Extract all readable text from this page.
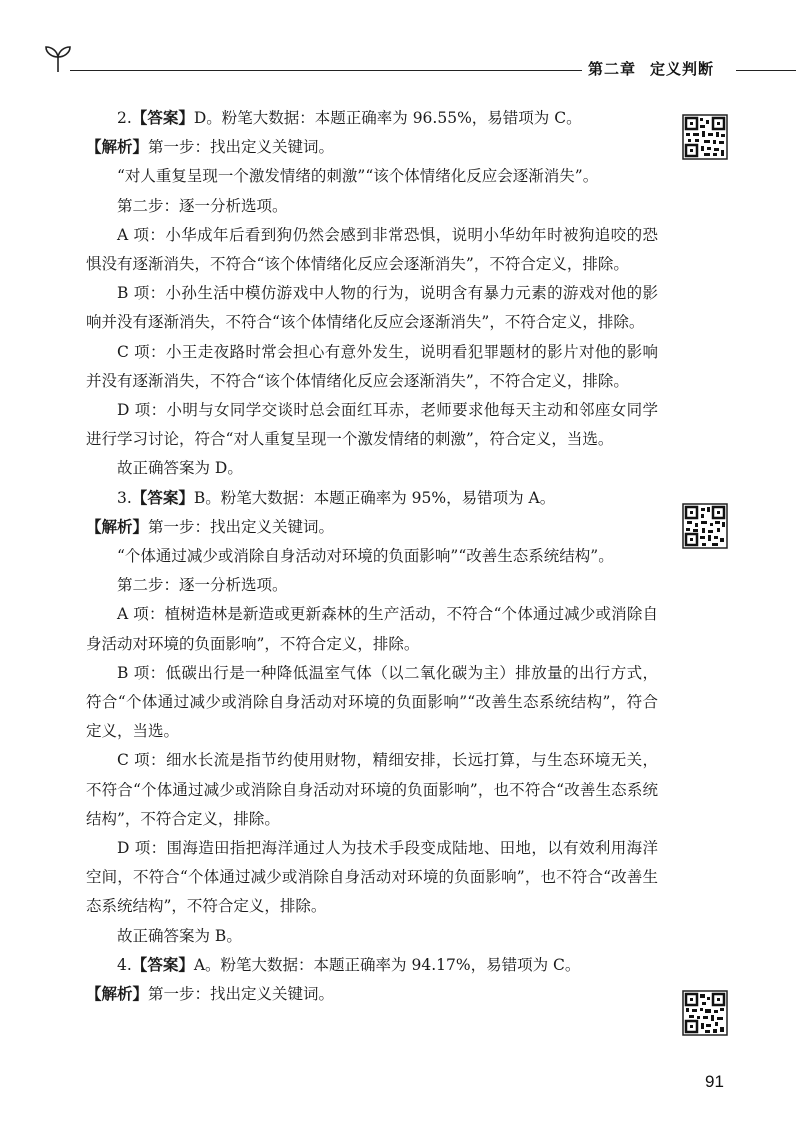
第二章 定义判断

2.【答案】D。粉笔大数据：本题正确率为 96.55%，易错项为 C。

【解析】第一步：找出定义关键词。

“对人重复呈现一个激发情绪的刺激”“该个体情绪化反应会逐渐消失”。

第二步：逐一分析选项。

A 项：小华成年后看到狗仍然会感到非常恐惧，说明小华幼年时被狗追咬的恐惧没有逐渐消失，不符合“该个体情绪化反应会逐渐消失”，不符合定义，排除。

B 项：小孙生活中模仿游戏中人物的行为，说明含有暴力元素的游戏对他的影响并没有逐渐消失，不符合“该个体情绪化反应会逐渐消失”，不符合定义，排除。

C 项：小王走夜路时常会担心有意外发生，说明看犯罪题材的影片对他的影响并没有逐渐消失，不符合“该个体情绪化反应会逐渐消失”，不符合定义，排除。

D 项：小明与女同学交谈时总会面红耳赤，老师要求他每天主动和邻座女同学进行学习讨论，符合“对人重复呈现一个激发情绪的刺激”，符合定义，当选。

故正确答案为 D。

3.【答案】B。粉笔大数据：本题正确率为 95%，易错项为 A。

【解析】第一步：找出定义关键词。

“个体通过减少或消除自身活动对环境的负面影响”“改善生态系统结构”。

第二步：逐一分析选项。

A 项：植树造林是新造或更新森林的生产活动，不符合“个体通过减少或消除自身活动对环境的负面影响”，不符合定义，排除。

B 项：低碳出行是一种降低温室气体（以二氧化碳为主）排放量的出行方式，符合“个体通过减少或消除自身活动对环境的负面影响”“改善生态系统结构”，符合定义，当选。

C 项：细水长流是指节约使用财物，精细安排，长远打算，与生态环境无关，不符合“个体通过减少或消除自身活动对环境的负面影响”，也不符合“改善生态系统结构”，不符合定义，排除。

D 项：围海造田指把海洋通过人为技术手段变成陆地、田地，以有效利用海洋空间，不符合“个体通过减少或消除自身活动对环境的负面影响”，也不符合“改善生态系统结构”，不符合定义，排除。

故正确答案为 B。

4.【答案】A。粉笔大数据：本题正确率为 94.17%，易错项为 C。

【解析】第一步：找出定义关键词。

91
